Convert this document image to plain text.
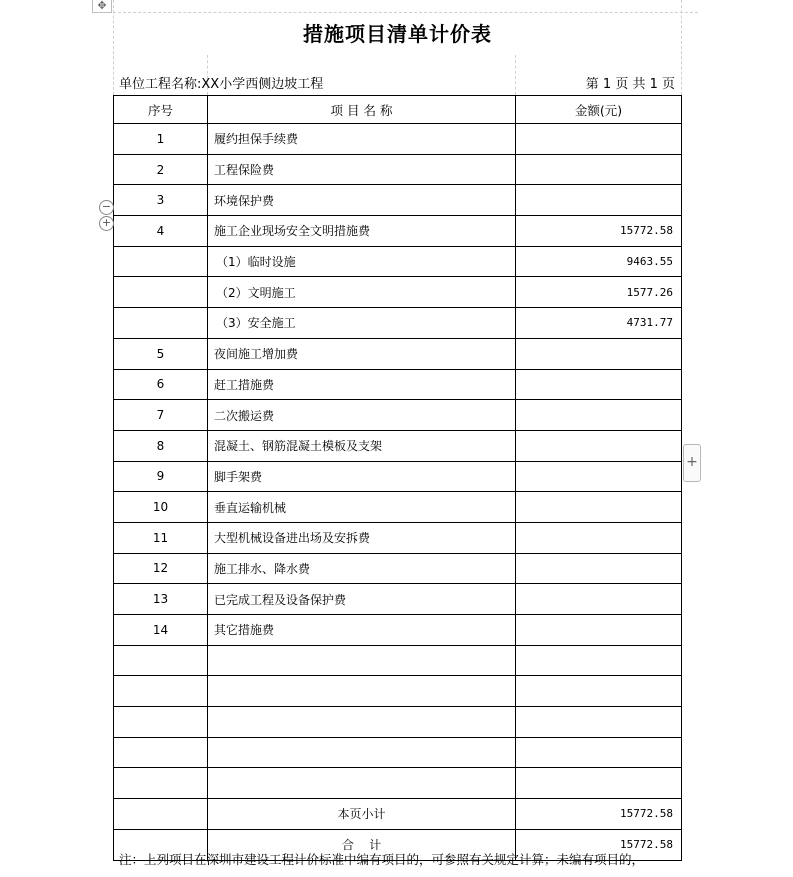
✥
措施项目清单计价表
单位工程名称:XX小学西侧边坡工程	第 1 页 共 1 页
序号	项 目 名 称	金额(元)
1	履约担保手续费	
2	工程保险费	
3	环境保护费	
4	施工企业现场安全文明措施费	15772.58
	（1）临时设施	9463.55
	（2）文明施工	1577.26
	（3）安全施工	4731.77
5	夜间施工增加费	
6	赶工措施费	
7	二次搬运费	
8	混凝土、钢筋混凝土模板及支架	
9	脚手架费	
10	垂直运输机械	
11	大型机械设备进出场及安拆费	
12	施工排水、降水费	
13	已完成工程及设备保护费	
14	其它措施费	

	本页小计	15772.58
	合    计	15772.58
注：上列项目在深圳市建设工程计价标准中编有项目的，可参照有关规定计算；未编有项目的，
−
+
+
